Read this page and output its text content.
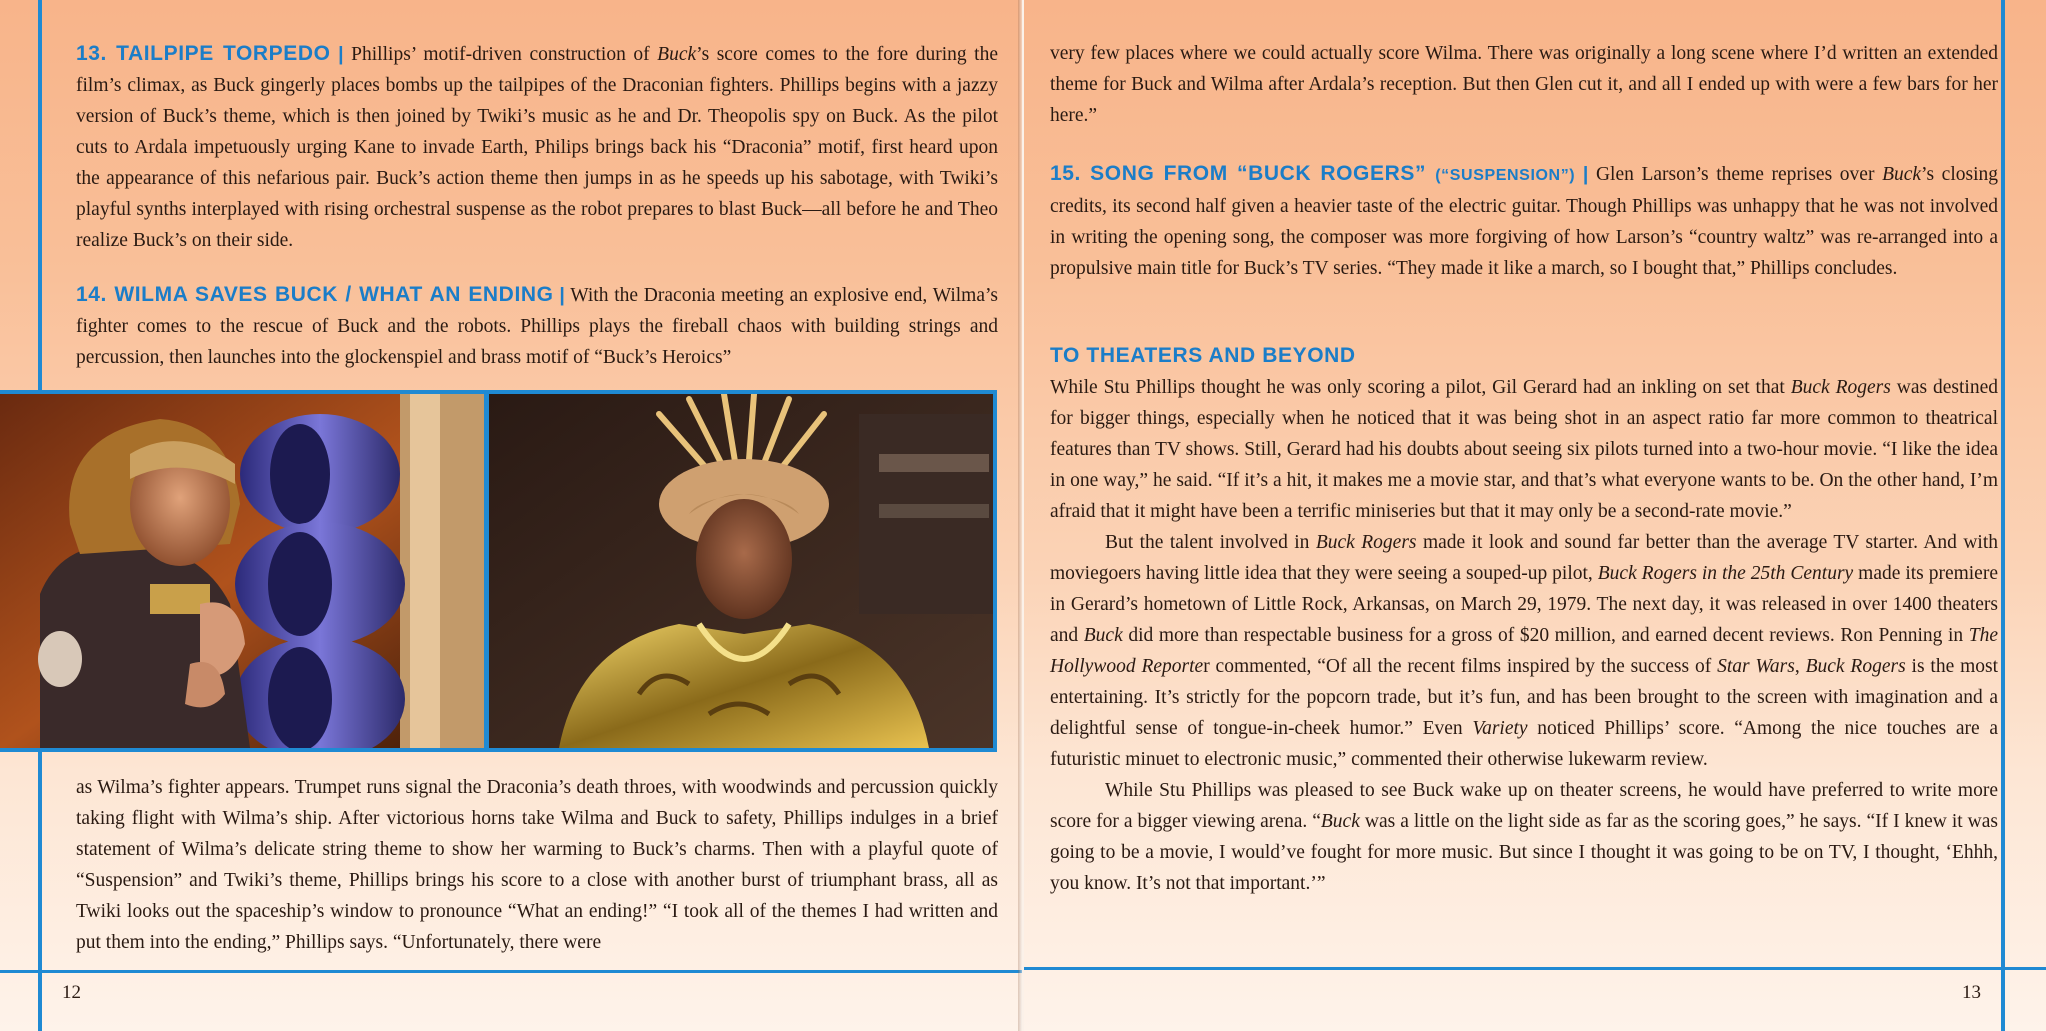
13. TAILPIPE TORPEDO | Phillips’ motif-driven construction of Buck’s score comes to the fore during the film’s climax, as Buck gingerly places bombs up the tailpipes of the Draconian fighters. Phillips begins with a jazzy version of Buck’s theme, which is then joined by Twiki’s music as he and Dr. Theopolis spy on Buck. As the pilot cuts to Ardala impetuously urging Kane to invade Earth, Philips brings back his “Draconia” motif, first heard upon the appearance of this nefarious pair. Buck’s action theme then jumps in as he speeds up his sabotage, with Twiki’s playful synths interplayed with rising orchestral suspense as the robot prepares to blast Buck—all before he and Theo realize Buck’s on their side.

14. WILMA SAVES BUCK / WHAT AN ENDING | With the Draconia meeting an explosive end, Wilma’s fighter comes to the rescue of Buck and the robots. Phillips plays the fireball chaos with building strings and percussion, then launches into the glockenspiel and brass motif of “Buck’s Heroics”

as Wilma’s fighter appears. Trumpet runs signal the Draconia’s death throes, with woodwinds and percussion quickly taking flight with Wilma’s ship. After victorious horns take Wilma and Buck to safety, Phillips indulges in a brief statement of Wilma’s delicate string theme to show her warming to Buck’s charms. Then with a playful quote of “Suspension” and Twiki’s theme, Phillips brings his score to a close with another burst of triumphant brass, all as Twiki looks out the spaceship’s window to pronounce “What an ending!” “I took all of the themes I had written and put them into the ending,” Phillips says. “Unfortunately, there were

12

very few places where we could actually score Wilma. There was originally a long scene where I’d written an extended theme for Buck and Wilma after Ardala’s reception. But then Glen cut it, and all I ended up with were a few bars for her here.”

15. SONG FROM “BUCK ROGERS” (“SUSPENSION”) | Glen Larson’s theme reprises over Buck’s closing credits, its second half given a heavier taste of the electric guitar. Though Phillips was unhappy that he was not involved in writing the opening song, the composer was more forgiving of how Larson’s “country waltz” was re-arranged into a propulsive main title for Buck’s TV series. “They made it like a march, so I bought that,” Phillips concludes.

TO THEATERS AND BEYOND

While Stu Phillips thought he was only scoring a pilot, Gil Gerard had an inkling on set that Buck Rogers was destined for bigger things, especially when he noticed that it was being shot in an aspect ratio far more common to theatrical features than TV shows. Still, Gerard had his doubts about seeing six pilots turned into a two-hour movie. “I like the idea in one way,” he said. “If it’s a hit, it makes me a movie star, and that’s what everyone wants to be. On the other hand, I’m afraid that it might have been a terrific miniseries but that it may only be a second-rate movie.”

But the talent involved in Buck Rogers made it look and sound far better than the average TV starter. And with moviegoers having little idea that they were seeing a souped-up pilot, Buck Rogers in the 25th Century made its premiere in Gerard’s hometown of Little Rock, Arkansas, on March 29, 1979. The next day, it was released in over 1400 theaters and Buck did more than respectable business for a gross of $20 million, and earned decent reviews. Ron Penning in The Hollywood Reporter commented, “Of all the recent films inspired by the success of Star Wars, Buck Rogers is the most entertaining. It’s strictly for the popcorn trade, but it’s fun, and has been brought to the screen with imagination and a delightful sense of tongue-in-cheek humor.” Even Variety noticed Phillips’ score. “Among the nice touches are a futuristic minuet to electronic music,” commented their otherwise lukewarm review.

While Stu Phillips was pleased to see Buck wake up on theater screens, he would have preferred to write more score for a bigger viewing arena. “Buck was a little on the light side as far as the scoring goes,” he says. “If I knew it was going to be a movie, I would’ve fought for more music. But since I thought it was going to be on TV, I thought, ‘Ehhh, you know. It’s not that important.’”

13
